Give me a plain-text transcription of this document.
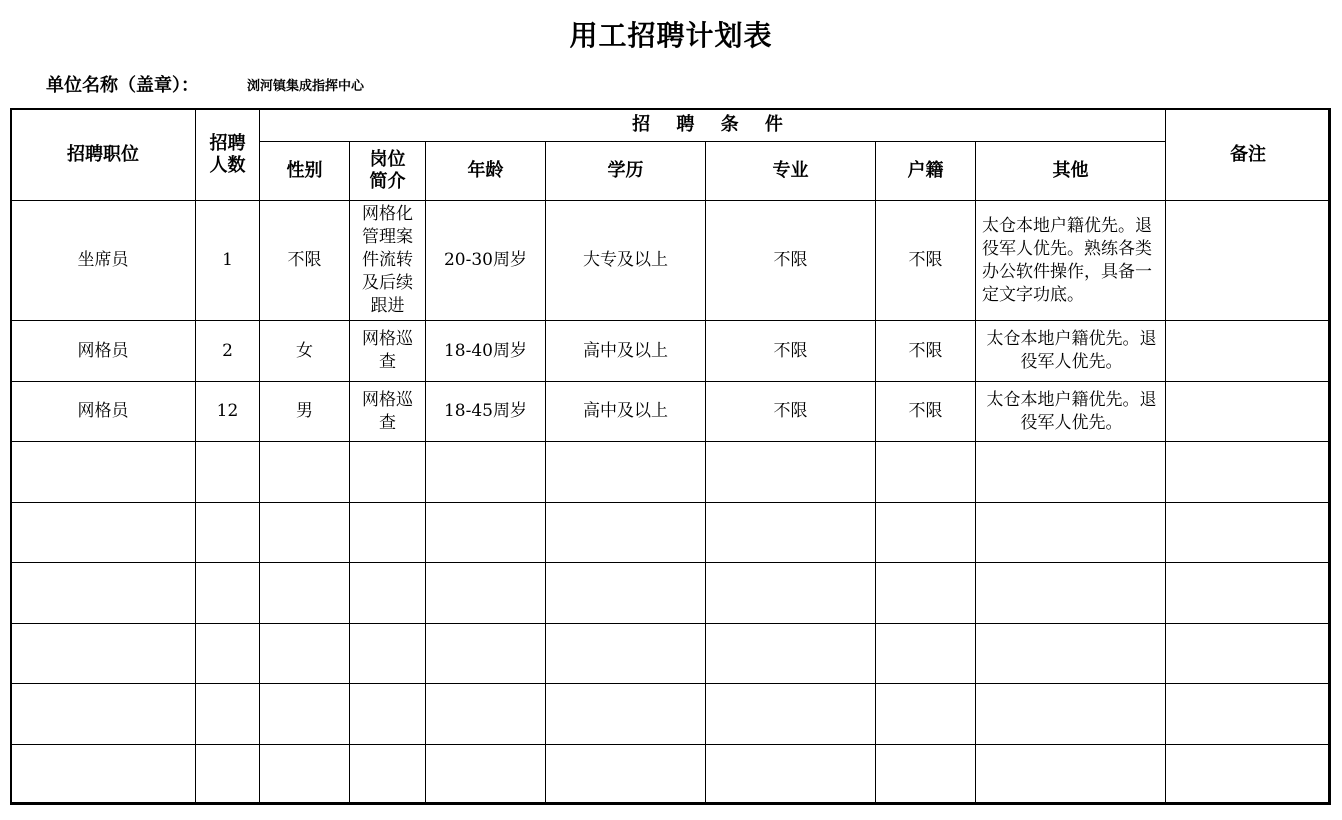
用工招聘计划表
单位名称（盖章）：	浏河镇集成指挥中心
招聘职位	招聘人数	招 聘 条 件							备注
		性别	岗位简介	年龄	学历	专业	户籍	其他	
坐席员	1	不限	网格化管理案件流转及后续跟进	20-30周岁	大专及以上	不限	不限	太仓本地户籍优先。退役军人优先。熟练各类办公软件操作，具备一定文字功底。	

网格员	2	女	网格巡查	18-40周岁	高中及以上	不限	不限	太仓本地户籍优先。退役军人优先。	

网格员	12	男	网格巡查	18-45周岁	高中及以上	不限	不限	太仓本地户籍优先。退役军人优先。	
